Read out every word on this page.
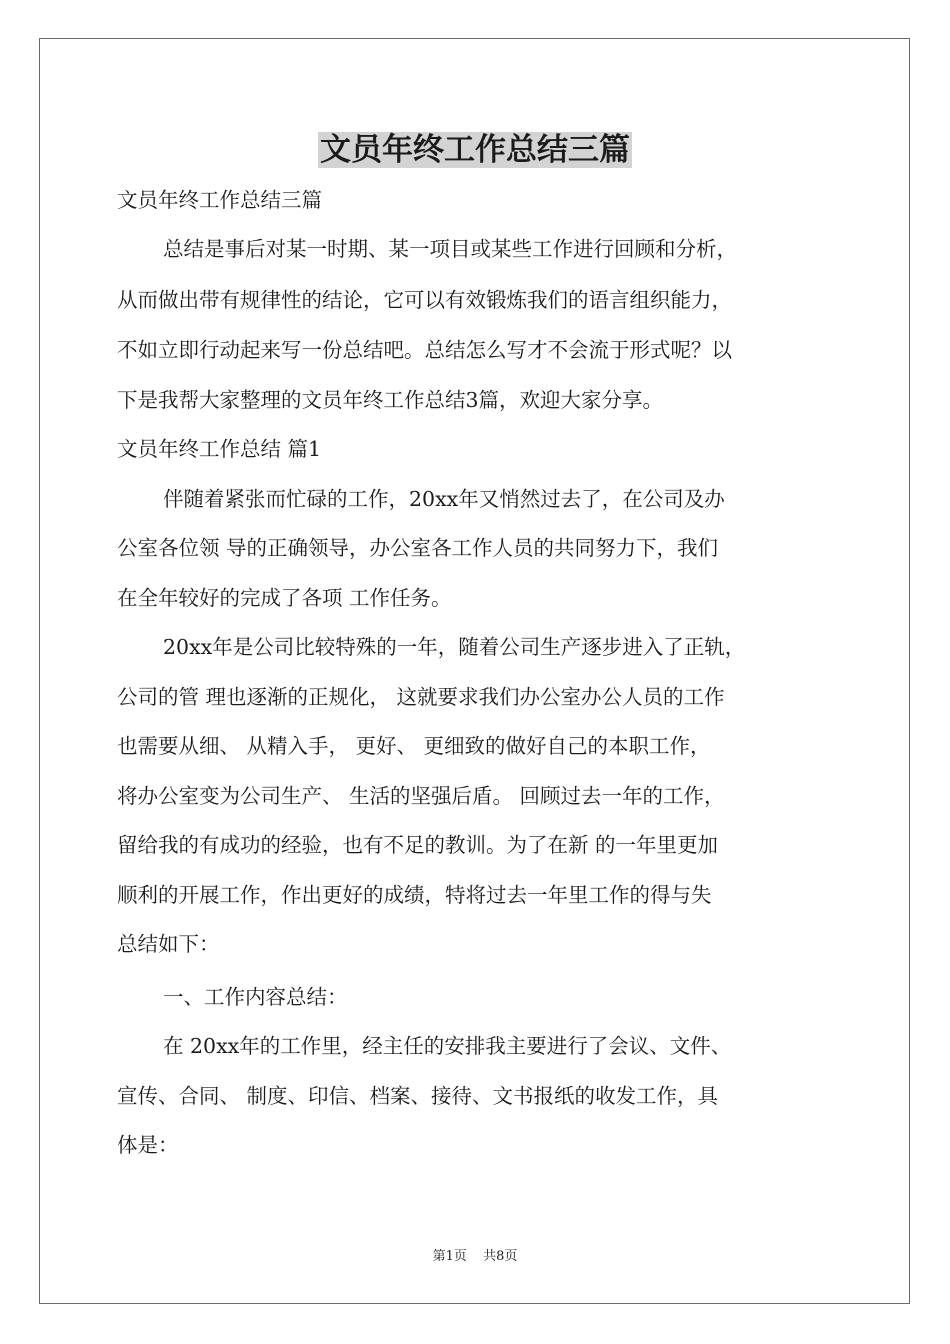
文员年终工作总结三篇
文员年终工作总结三篇
总结是事后对某一时期、某一项目或某些工作进行回顾和分析，
从而做出带有规律性的结论，它可以有效锻炼我们的语言组织能力，
不如立即行动起来写一份总结吧。总结怎么写才不会流于形式呢？以
下是我帮大家整理的文员年终工作总结3篇，欢迎大家分享。
文员年终工作总结 篇1
伴随着紧张而忙碌的工作，20xx年又悄然过去了，在公司及办
公室各位领 导的正确领导，办公室各工作人员的共同努力下，我们
在全年较好的完成了各项 工作任务。
20xx年是公司比较特殊的一年，随着公司生产逐步进入了正轨，
公司的管 理也逐渐的正规化， 这就要求我们办公室办公人员的工作
也需要从细、 从精入手， 更好、 更细致的做好自己的本职工作，
将办公室变为公司生产、 生活的坚强后盾。 回顾过去一年的工作，
留给我的有成功的经验，也有不足的教训。为了在新 的一年里更加
顺利的开展工作，作出更好的成绩，特将过去一年里工作的得与失
总结如下：
一、工作内容总结：
在 20xx年的工作里，经主任的安排我主要进行了会议、文件、
宣传、合同、 制度、印信、档案、接待、文书报纸的收发工作，具
体是：
第1页 共8页
